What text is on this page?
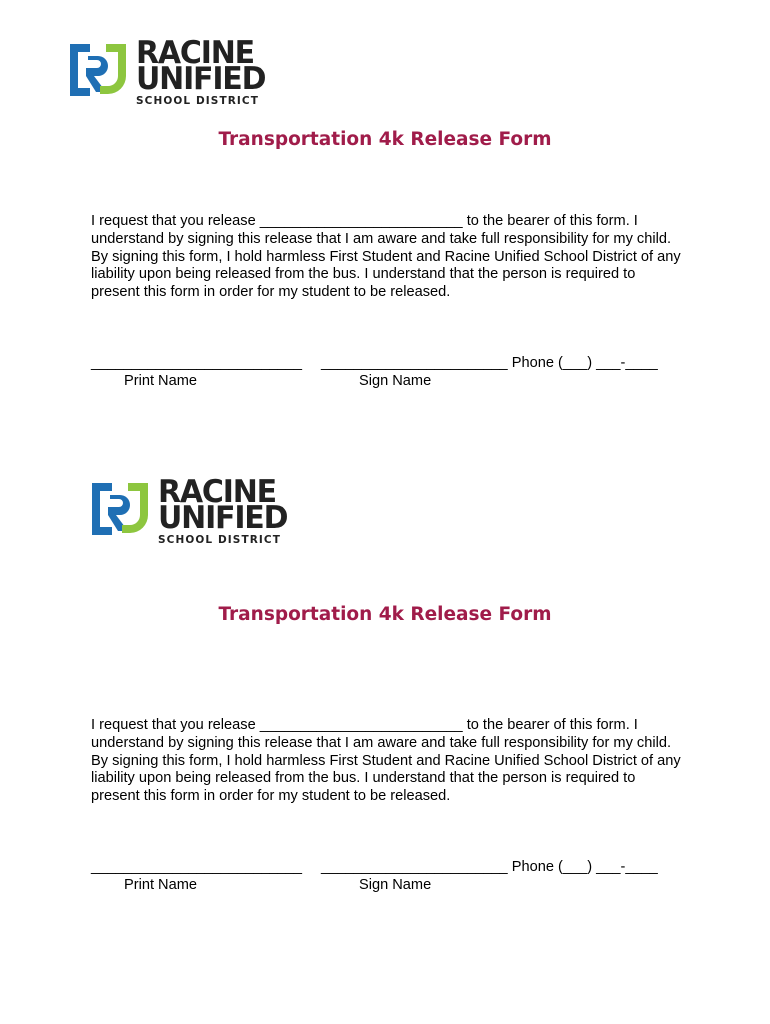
RACINE
UNIFIED
SCHOOL DISTRICT
Transportation 4k Release Form
I request that you release _________________________ to the bearer of this form. I understand by signing this release that I am aware and take full responsibility for my child. By signing this form, I hold harmless First Student and Racine Unified School District of any liability upon being released from the bus. I understand that the person is required to present this form in order for my student to be released.
__________________________ _______________________ Phone (___) ___-____
Print Name	Sign Name
RACINE
UNIFIED
SCHOOL DISTRICT
Transportation 4k Release Form
I request that you release _________________________ to the bearer of this form. I understand by signing this release that I am aware and take full responsibility for my child. By signing this form, I hold harmless First Student and Racine Unified School District of any liability upon being released from the bus. I understand that the person is required to present this form in order for my student to be released.
__________________________ _______________________ Phone (___) ___-____
Print Name	Sign Name
